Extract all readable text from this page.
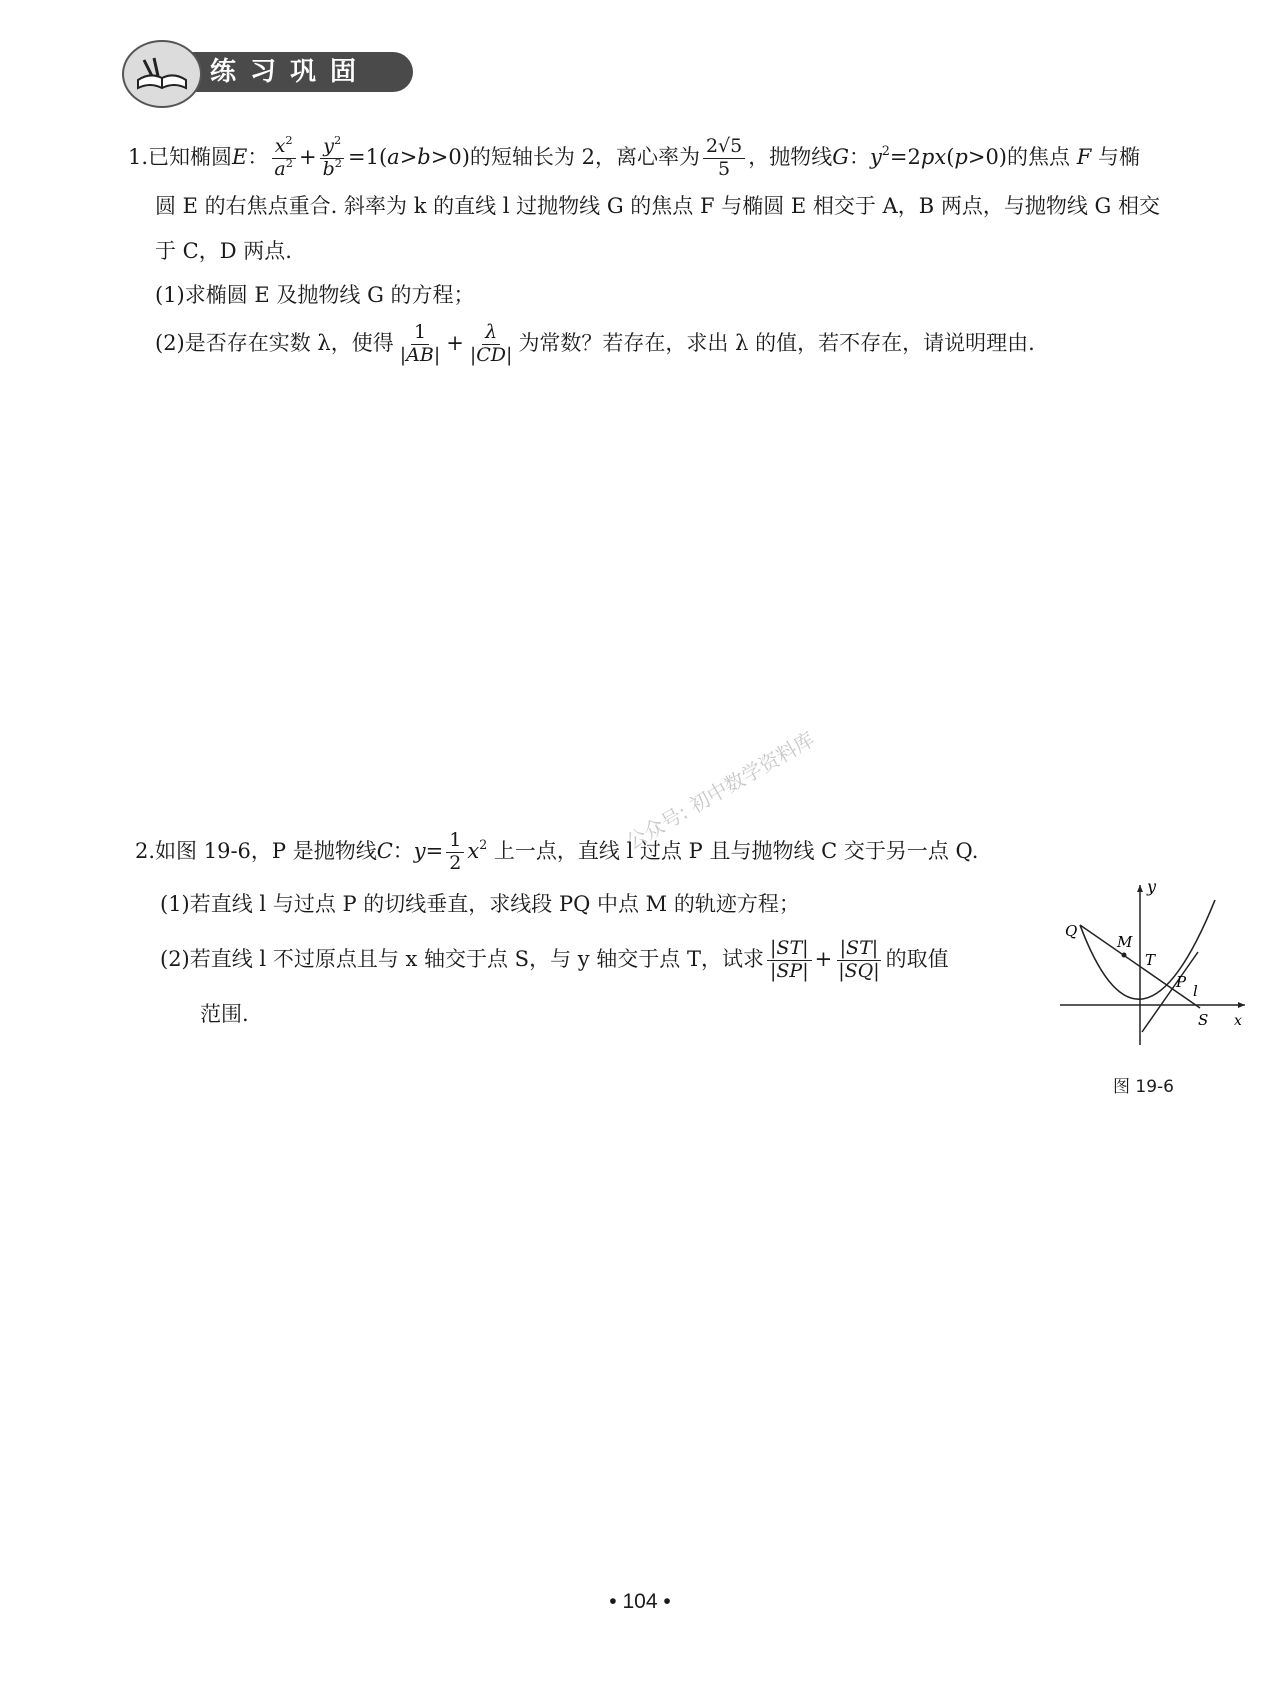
练习巩固
1.已知椭圆E： $\frac{x^2}{a^2} + \frac{y^2}{b^2} =1(a>b>0)$的短轴长为 2，离心率为 $\frac{2√5}{5}$ ，抛物线G：$y^2=2px(p>0)$的焦点 F 与椭
圆 E 的右焦点重合. 斜率为 k 的直线 l 过抛物线 G 的焦点 F 与椭圆 E 相交于 A，B 两点，与抛物线 G 相交
于 C，D 两点.
(1)求椭圆 E 及抛物线 G 的方程；
(2)是否存在实数 λ，使得 $\frac{1}{|AB|} + \frac{\lambda}{|CD|}$ 为常数？若存在，求出 λ 的值，若不存在，请说明理由.
公众号: 初中数学资料库
2.如图 19-6，P 是抛物线C：$y= \frac{1}{2} x^2$ 上一点，直线 l 过点 P 且与抛物线 C 交于另一点 Q.
(1)若直线 l 与过点 P 的切线垂直，求线段 PQ 中点 M 的轨迹方程；
(2)若直线 l 不过原点且与 x 轴交于点 S，与 y 轴交于点 T，试求 $\frac{|ST|}{|SP|} + \frac{|ST|}{|SQ|}$ 的取值
范围.
y
x
Q
M
T
P l
S
图 19-6
• 104 •
